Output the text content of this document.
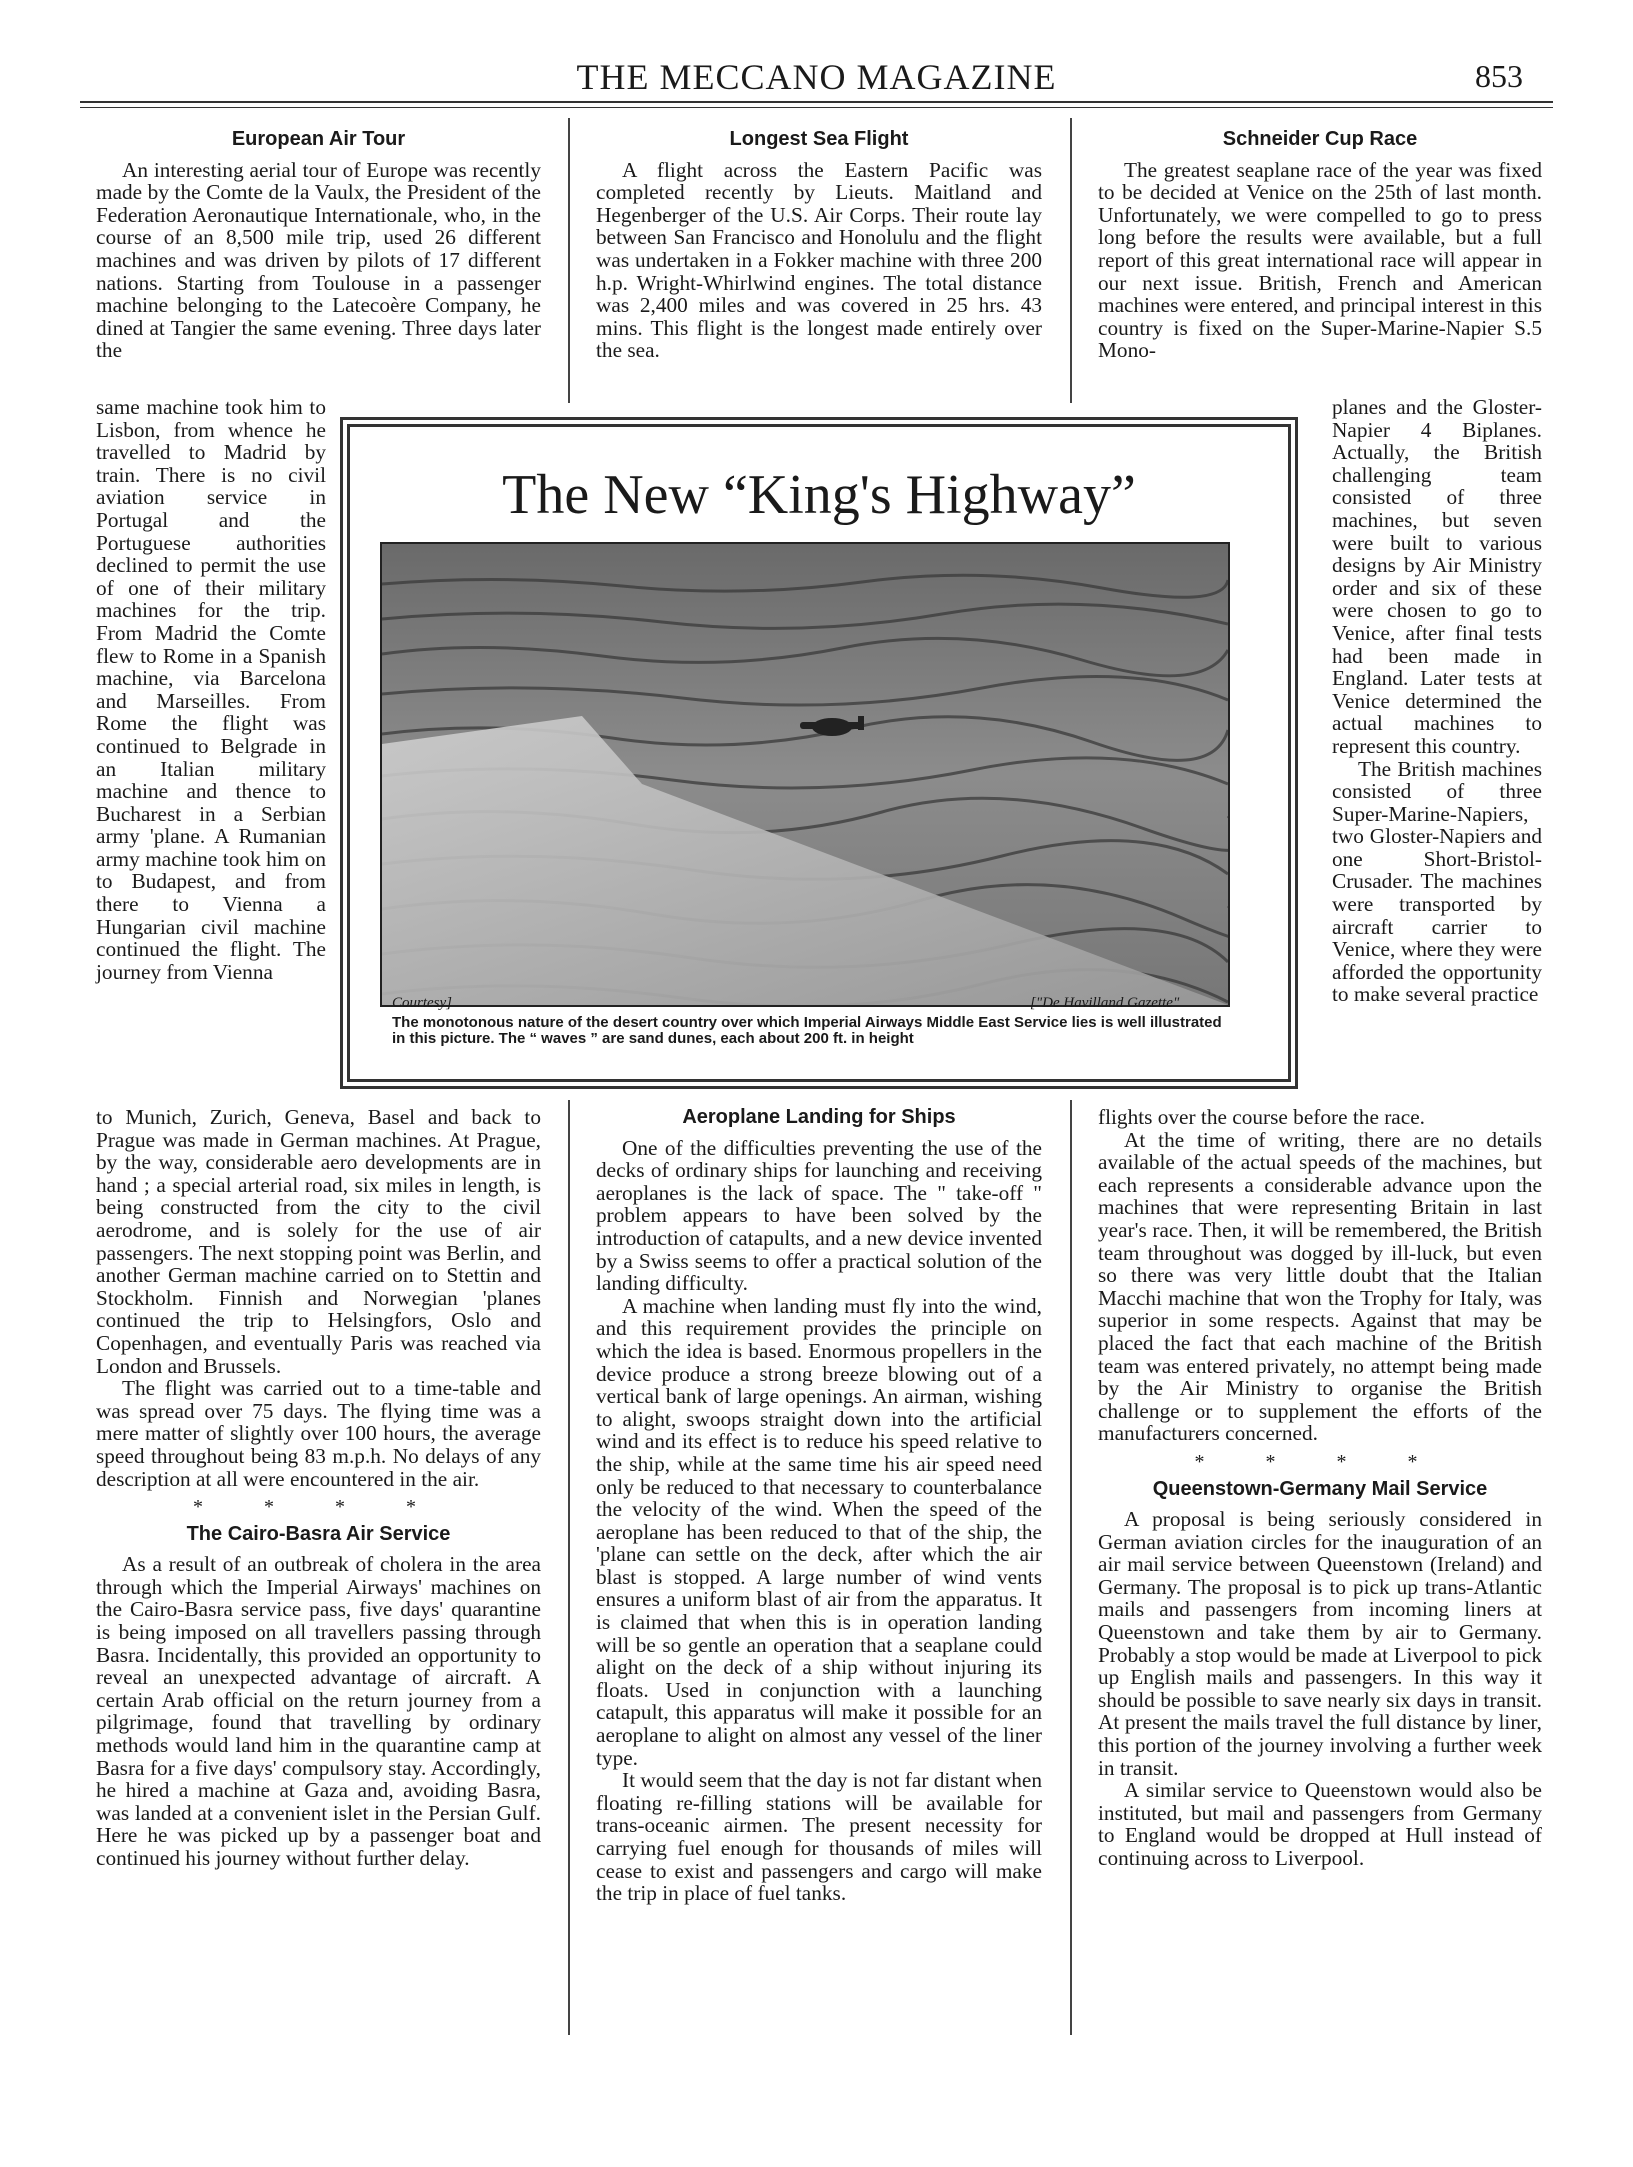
THE MECCANO MAGAZINE	853
European Air Tour

An interesting aerial tour of Europe was recently made by the Comte de la Vaulx, the President of the Federation Aeronautique Internationale, who, in the course of an 8,500 mile trip, used 26 different machines and was driven by pilots of 17 different nations. Starting from Toulouse in a passenger machine belonging to the Latecoère Company, he dined at Tangier the same evening. Three days later the

same machine took him to Lisbon, from whence he travelled to Madrid by train. There is no civil aviation service in Portugal and the Portuguese authorities declined to permit the use of one of their military machines for the trip. From Madrid the Comte flew to Rome in a Spanish machine, via Barcelona and Marseilles. From Rome the flight was continued to Belgrade in an Italian military machine and thence to Bucharest in a Serbian army 'plane. A Rumanian army machine took him on to Budapest, and from there to Vienna a Hungarian civil machine continued the flight. The journey from Vienna

to Munich, Zurich, Geneva, Basel and back to Prague was made in German machines. At Prague, by the way, considerable aero developments are in hand ; a special arterial road, six miles in length, is being constructed from the city to the civil aerodrome, and is solely for the use of air passengers. The next stopping point was Berlin, and another German machine carried on to Stettin and Stockholm. Finnish and Norwegian 'planes continued the trip to Helsingfors, Oslo and Copenhagen, and eventually Paris was reached via London and Brussels.

The flight was carried out to a time-table and was spread over 75 days. The flying time was a mere matter of slightly over 100 hours, the average speed throughout being 83 m.p.h. No delays of any description at all were encountered in the air.

* * * *
The Cairo-Basra Air Service

As a result of an outbreak of cholera in the area through which the Imperial Airways' machines on the Cairo-Basra service pass, five days' quarantine is being imposed on all travellers passing through Basra. Incidentally, this provided an opportunity to reveal an unexpected advantage of aircraft. A certain Arab official on the return journey from a pilgrimage, found that travelling by ordinary methods would land him in the quarantine camp at Basra for a five days' compulsory stay. Accordingly, he hired a machine at Gaza and, avoiding Basra, was landed at a convenient islet in the Persian Gulf. Here he was picked up by a passenger boat and continued his journey without further delay.

Longest Sea Flight

A flight across the Eastern Pacific was completed recently by Lieuts. Maitland and Hegenberger of the U.S. Air Corps. Their route lay between San Francisco and Honolulu and the flight was undertaken in a Fokker machine with three 200 h.p. Wright-Whirlwind engines. The total distance was 2,400 miles and was covered in 25 hrs. 43 mins. This flight is the longest made entirely over the sea.

Aeroplane Landing for Ships

One of the difficulties preventing the use of the decks of ordinary ships for launching and receiving aeroplanes is the lack of space. The " take-off " problem appears to have been solved by the introduction of catapults, and a new device invented by a Swiss seems to offer a practical solution of the landing difficulty.

A machine when landing must fly into the wind, and this requirement provides the principle on which the idea is based. Enormous propellers in the device produce a strong breeze blowing out of a vertical bank of large openings. An airman, wishing to alight, swoops straight down into the artificial wind and its effect is to reduce his speed relative to the ship, while at the same time his air speed need only be reduced to that necessary to counterbalance the velocity of the wind. When the speed of the aeroplane has been reduced to that of the ship, the 'plane can settle on the deck, after which the air blast is stopped. A large number of wind vents ensures a uniform blast of air from the apparatus. It is claimed that when this is in operation landing will be so gentle an operation that a seaplane could alight on the deck of a ship without injuring its floats. Used in conjunction with a launching catapult, this apparatus will make it possible for an aeroplane to alight on almost any vessel of the liner type.

It would seem that the day is not far distant when floating re-filling stations will be available for trans-oceanic airmen. The present necessity for carrying fuel enough for thousands of miles will cease to exist and passengers and cargo will make the trip in place of fuel tanks.

Schneider Cup Race

The greatest seaplane race of the year was fixed to be decided at Venice on the 25th of last month. Unfortunately, we were compelled to go to press long before the results were available, but a full report of this great international race will appear in our next issue. British, French and American machines were entered, and principal interest in this country is fixed on the Super-Marine-Napier S.5 Mono-

planes and the Gloster-Napier 4 Biplanes. Actually, the British challenging team consisted of three machines, but seven were built to various designs by Air Ministry order and six of these were chosen to go to Venice, after final tests had been made in England. Later tests at Venice determined the actual machines to represent this country.

The British machines consisted of three Super-Marine-Napiers, two Gloster-Napiers and one Short-Bristol-Crusader. The machines were transported by aircraft carrier to Venice, where they were afforded the opportunity to make several practice

flights over the course before the race.

At the time of writing, there are no details available of the actual speeds of the machines, but each represents a considerable advance upon the machines that were representing Britain in last year's race. Then, it will be remembered, the British team throughout was dogged by ill-luck, but even so there was very little doubt that the Italian Macchi machine that won the Trophy for Italy, was superior in some respects. Against that may be placed the fact that each machine of the British team was entered privately, no attempt being made by the Air Ministry to organise the British challenge or to supplement the efforts of the manufacturers concerned.

* * * *
Queenstown-Germany Mail Service

A proposal is being seriously considered in German aviation circles for the inauguration of an air mail service between Queenstown (Ireland) and Germany. The proposal is to pick up trans-Atlantic mails and passengers from incoming liners at Queenstown and take them by air to Germany. Probably a stop would be made at Liverpool to pick up English mails and passengers. In this way it should be possible to save nearly six days in transit. At present the mails travel the full distance by liner, this portion of the journey involving a further week in transit.

A similar service to Queenstown would also be instituted, but mail and passengers from Germany to England would be dropped at Hull instead of continuing across to Liverpool.

The New “King's Highway”
Courtesy]	["De Havilland Gazette"
The monotonous nature of the desert country over which Imperial Airways Middle East Service lies is well illustrated in this picture. The “ waves ” are sand dunes, each about 200 ft. in height
